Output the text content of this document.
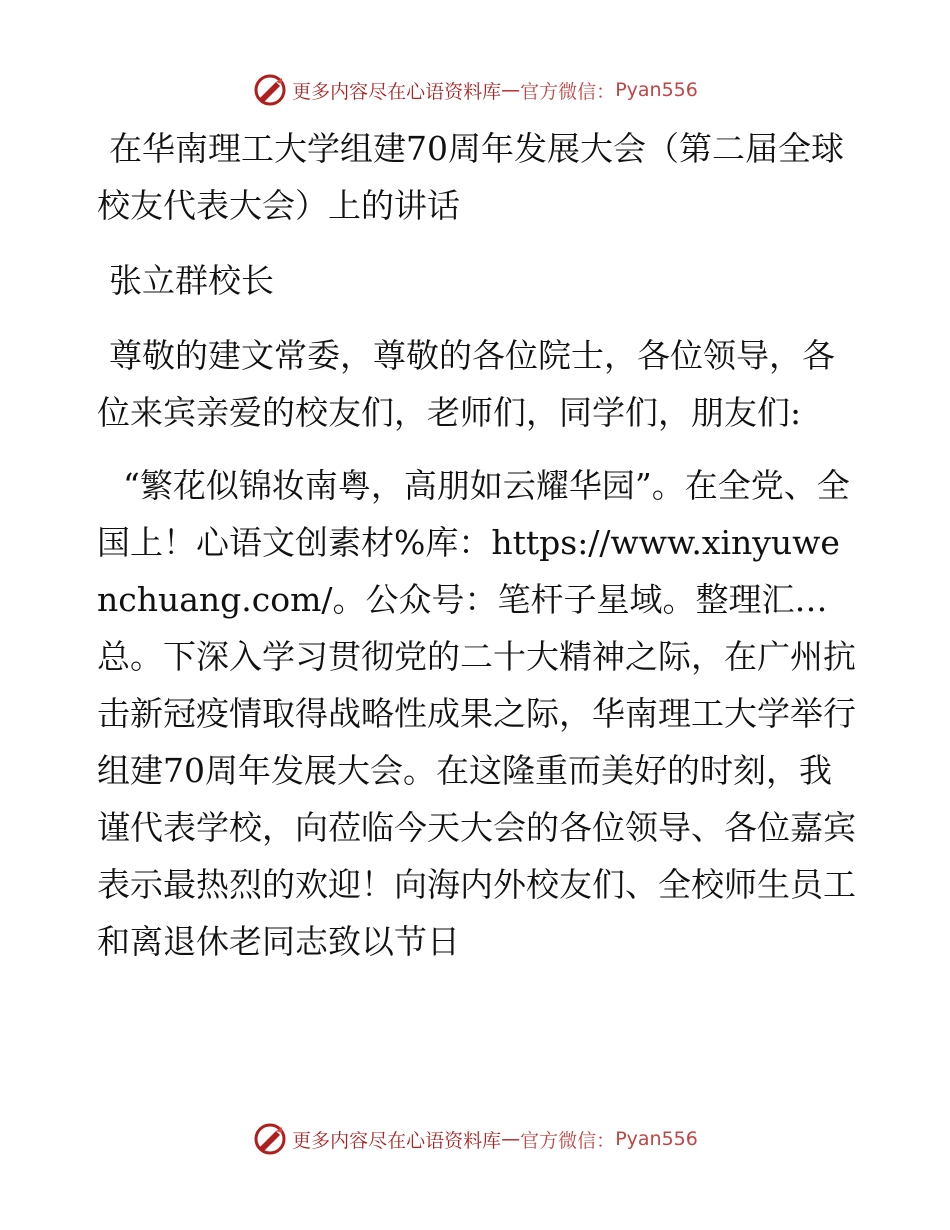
更多内容尽在心语资料库 — 官方微信： Pyan556

在华南理工大学组建70周年发展大会（第二届全球校友代表大会）上的讲话

张立群校长

尊敬的建文常委，尊敬的各位院士，各位领导，各位来宾亲爱的校友们，老师们，同学们，朋友们:

“繁花似锦妆南粤，高朋如云耀华园”。在全党、全国上！心语文创素材%库：https://www.xinyuwenchuang.com/。公众号：笔杆子星域。整理汇…总。下深入学习贯彻党的二十大精神之际，在广州抗击新冠疫情取得战略性成果之际，华南理工大学举行组建70周年发展大会。在这隆重而美好的时刻，我谨代表学校，向莅临今天大会的各位领导、各位嘉宾表示最热烈的欢迎！向海内外校友们、全校师生员工和离退休老同志致以节日

更多内容尽在心语资料库 — 官方微信： Pyan556
